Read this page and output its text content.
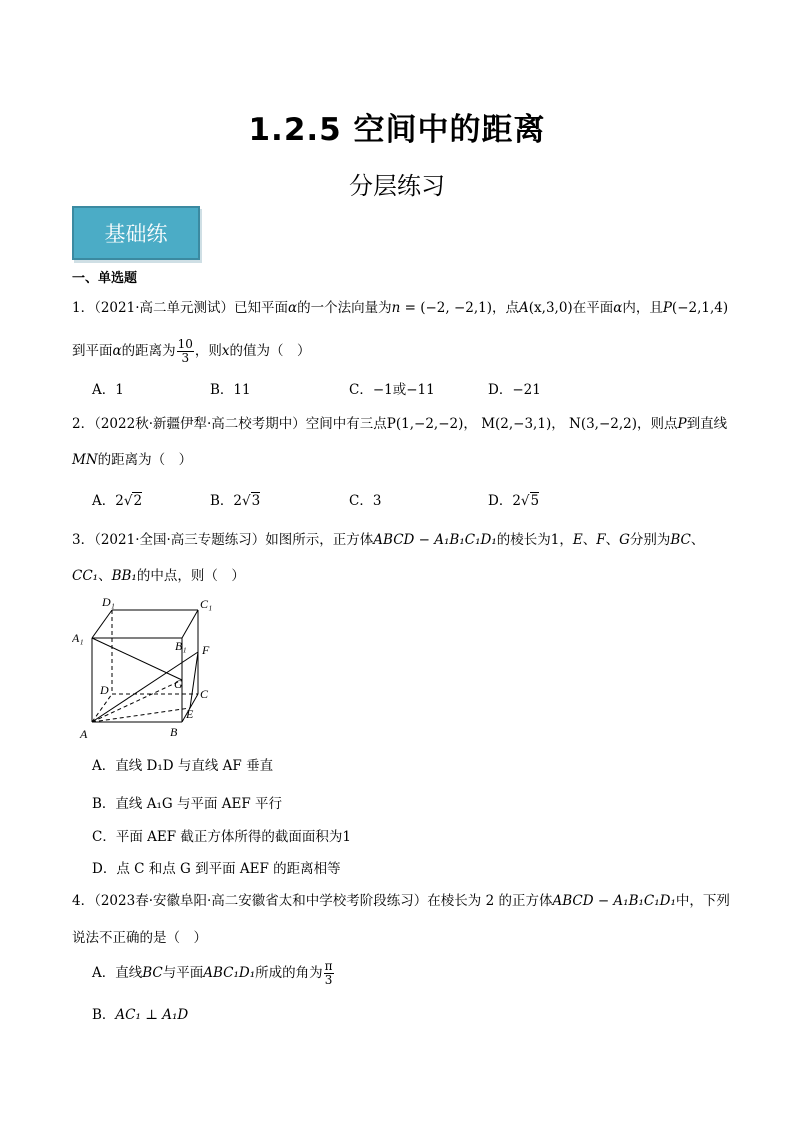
1.2.5 空间中的距离
分层练习
基础练
一、单选题
1．（2021·高二单元测试）已知平面α的一个法向量为n = (−2, −2,1)，点A(x,3,0)在平面α内，且P(−2,1,4)
到平面α的距离为 $\frac{10}{3}$ ，则x的值为（　）
A．1	B．11	C．−1或−11	D．−21
2．（2022秋·新疆伊犁·高二校考期中）空间中有三点P(1,−2,−2)， M(2,−3,1)， N(3,−2,2)，则点P到直线
MN的距离为（　）
A．2√2	B．2√3	C．3	D．2√5
3．（2021·全国·高三专题练习）如图所示，正方体ABCD − A₁B₁C₁D₁的棱长为1，E、F、G分别为BC、
CC₁、BB₁的中点，则（　）
D₁	C₁
A₁
B₁ F
G
D	C
E
A	B
A．直线 D₁D 与直线 AF 垂直
B．直线 A₁G 与平面 AEF 平行
C．平面 AEF 截正方体所得的截面面积为1
D．点 C 和点 G 到平面 AEF 的距离相等
4．（2023春·安徽阜阳·高二安徽省太和中学校考阶段练习）在棱长为 2 的正方体ABCD − A₁B₁C₁D₁中，下列
说法不正确的是（　）
A．直线BC与平面ABC₁D₁所成的角为 $\frac{\pi}{3}$
B．AC₁ ⊥ A₁D
